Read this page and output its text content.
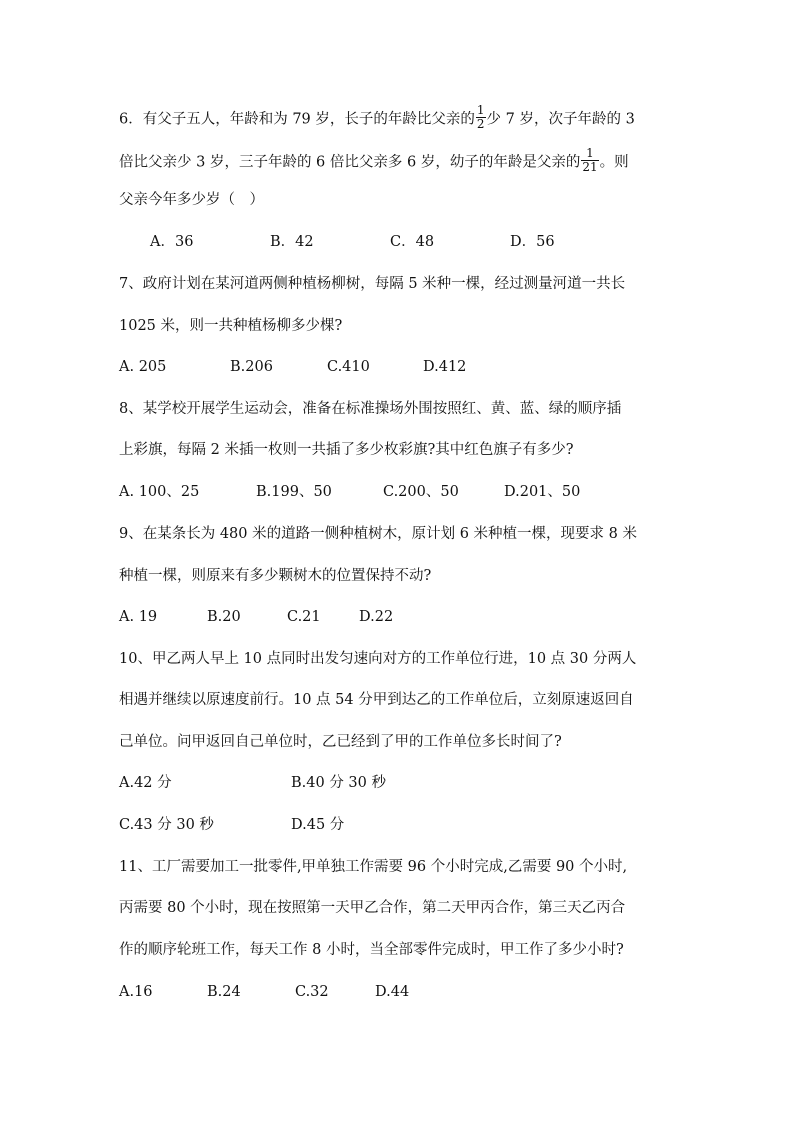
6．有父子五人，年龄和为 79 岁，长子的年龄比父亲的 $\frac{1}{2}$ 少 7 岁，次子年龄的 3
倍比父亲少 3 岁，三子年龄的 6 倍比父亲多 6 岁，幼子的年龄是父亲的 $\frac{1}{21}$ 。则
父亲今年多少岁（　）
A．36	B．42	C．48	D．56
7、政府计划在某河道两侧种植杨柳树，每隔 5 米种一棵，经过测量河道一共长
1025 米，则一共种植杨柳多少棵?
A. 205	B.206	C.410	D.412
8、某学校开展学生运动会，准备在标准操场外围按照红、黄、蓝、绿的顺序插
上彩旗，每隔 2 米插一枚则一共插了多少枚彩旗?其中红色旗子有多少?
A. 100、25	B.199、50	C.200、50	D.201、50
9、在某条长为 480 米的道路一侧种植树木，原计划 6 米种植一棵，现要求 8 米
种植一棵，则原来有多少颗树木的位置保持不动?
A. 19	B.20	C.21	D.22
10、甲乙两人早上 10 点同时出发匀速向对方的工作单位行进，10 点 30 分两人
相遇并继续以原速度前行。10 点 54 分甲到达乙的工作单位后，立刻原速返回自
己单位。问甲返回自己单位时，乙已经到了甲的工作单位多长时间了?
A.42 分	B.40 分 30 秒
C.43 分 30 秒	D.45 分
11、工厂需要加工一批零件,甲单独工作需要 96 个小时完成,乙需要 90 个小时,
丙需要 80 个小时，现在按照第一天甲乙合作，第二天甲丙合作，第三天乙丙合
作的顺序轮班工作，每天工作 8 小时，当全部零件完成时，甲工作了多少小时?
A.16	B.24	C.32	D.44
